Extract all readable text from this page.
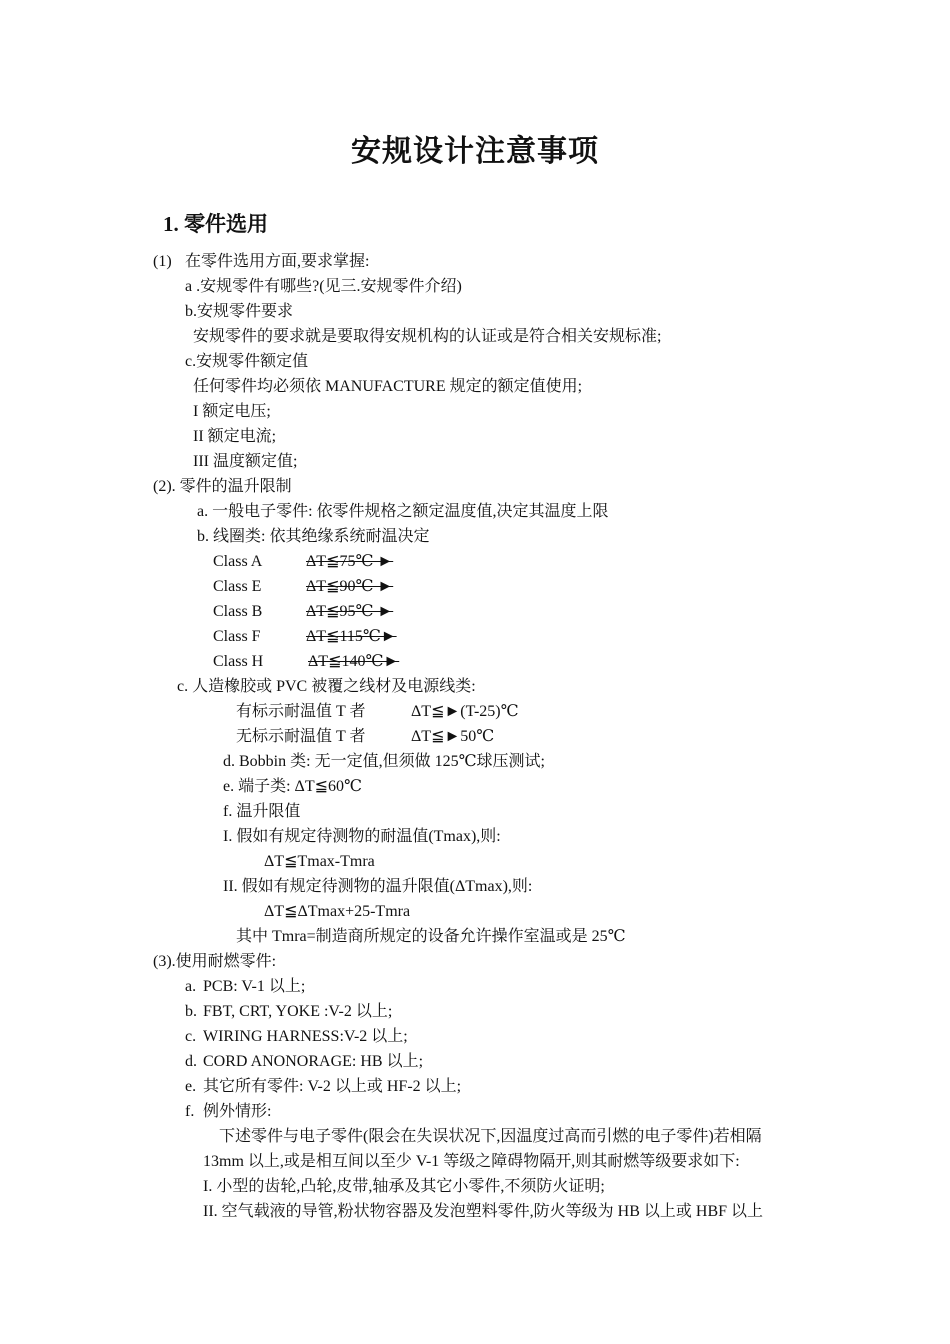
安规设计注意事项
1. 零件选用
(1) 在零件选用方面,要求掌握:
a .安规零件有哪些?(见三.安规零件介绍)
b.安规零件要求
安规零件的要求就是要取得安规机构的认证或是符合相关安规标准;
c.安规零件额定值
任何零件均必须依 MANUFACTURE 规定的额定值使用;
I 额定电压;
II 额定电流;
III 温度额定值;
(2). 零件的温升限制
a. 一般电子零件: 依零件规格之额定温度值,决定其温度上限
b. 线圈类: 依其绝缘系统耐温决定
Class A	ΔT≦75℃ ►
Class E	ΔT≦90℃ ►
Class B	ΔT≦95℃ ►
Class F	ΔT≦115℃►
Class H	ΔT≦140℃►
c. 人造橡胶或 PVC 被覆之线材及电源线类:
有标示耐温值 T 者	ΔT≦►(T-25)℃
无标示耐温值 T 者	ΔT≦►50℃
d. Bobbin 类: 无一定值,但须做 125℃球压测试;
e. 端子类: ΔT≦60℃
f. 温升限值
I. 假如有规定待测物的耐温值(Tmax),则:
ΔT≦Tmax-Tmra
II. 假如有规定待测物的温升限值(ΔTmax),则:
ΔT≦ΔTmax+25-Tmra
其中 Tmra=制造商所规定的设备允许操作室温或是 25℃
(3).使用耐燃零件:
a. PCB: V-1 以上;
b. FBT, CRT, YOKE :V-2 以上;
c. WIRING HARNESS:V-2 以上;
d. CORD ANONORAGE: HB 以上;
e. 其它所有零件: V-2 以上或 HF-2 以上;
f. 例外情形:
下述零件与电子零件(限会在失误状况下,因温度过高而引燃的电子零件)若相隔
13mm 以上,或是相互间以至少 V-1 等级之障碍物隔开,则其耐燃等级要求如下:
I. 小型的齿轮,凸轮,皮带,轴承及其它小零件,不须防火证明;
II. 空气载液的导管,粉状物容器及发泡塑料零件,防火等级为 HB 以上或 HBF 以上
